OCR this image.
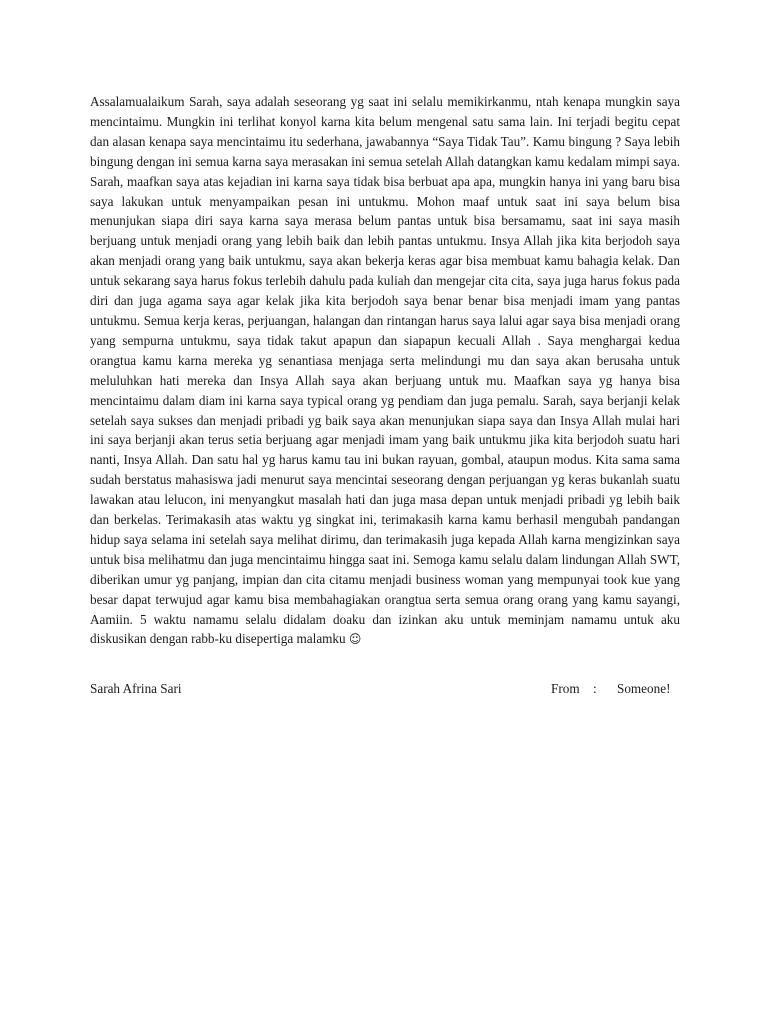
Assalamualaikum Sarah, saya adalah seseorang yg saat ini selalu memikirkanmu, ntah kenapa mungkin saya mencintaimu. Mungkin ini terlihat konyol karna kita belum mengenal satu sama lain. Ini terjadi begitu cepat dan alasan kenapa saya mencintaimu itu sederhana, jawabannya “Saya Tidak Tau”. Kamu bingung ? Saya lebih bingung dengan ini semua karna saya merasakan ini semua setelah Allah datangkan kamu kedalam mimpi saya. Sarah, maafkan saya atas kejadian ini karna saya tidak bisa berbuat apa apa, mungkin hanya ini yang baru bisa saya lakukan untuk menyampaikan pesan ini untukmu. Mohon maaf untuk saat ini saya belum bisa menunjukan siapa diri saya karna saya merasa belum pantas untuk bisa bersamamu, saat ini saya masih berjuang untuk menjadi orang yang lebih baik dan lebih pantas untukmu. Insya Allah jika kita berjodoh saya akan menjadi orang yang baik untukmu, saya akan bekerja keras agar bisa membuat kamu bahagia kelak. Dan untuk sekarang saya harus fokus terlebih dahulu pada kuliah dan mengejar cita cita, saya juga harus fokus pada diri dan juga agama saya agar kelak jika kita berjodoh saya benar benar bisa menjadi imam yang pantas untukmu. Semua kerja keras, perjuangan, halangan dan rintangan harus saya lalui agar saya bisa menjadi orang yang sempurna untukmu, saya tidak takut apapun dan siapapun kecuali Allah . Saya menghargai kedua orangtua kamu karna mereka yg senantiasa menjaga serta melindungi mu dan saya akan berusaha untuk meluluhkan hati mereka dan Insya Allah saya akan berjuang untuk mu. Maafkan saya yg hanya bisa mencintaimu dalam diam ini karna saya typical orang yg pendiam dan juga pemalu. Sarah, saya berjanji kelak setelah saya sukses dan menjadi pribadi yg baik saya akan menunjukan siapa saya dan Insya Allah mulai hari ini saya berjanji akan terus setia berjuang agar menjadi imam yang baik untukmu jika kita berjodoh suatu hari nanti, Insya Allah. Dan satu hal yg harus kamu tau ini bukan rayuan, gombal, ataupun modus. Kita sama sama sudah berstatus mahasiswa jadi menurut saya mencintai seseorang dengan perjuangan yg keras bukanlah suatu lawakan atau lelucon, ini menyangkut masalah hati dan juga masa depan untuk menjadi pribadi yg lebih baik dan berkelas. Terimakasih atas waktu yg singkat ini, terimakasih karna kamu berhasil mengubah pandangan hidup saya selama ini setelah saya melihat dirimu, dan terimakasih juga kepada Allah karna mengizinkan saya untuk bisa melihatmu dan juga mencintaimu hingga saat ini. Semoga kamu selalu dalam lindungan Allah SWT, diberikan umur yg panjang, impian dan cita citamu menjadi business woman yang mempunyai took kue yang besar dapat terwujud agar kamu bisa membahagiakan orangtua serta semua orang orang yang kamu sayangi, Aamiin. 5 waktu namamu selalu didalam doaku dan izinkan aku untuk meminjam namamu untuk aku diskusikan dengan rabb-ku disepertiga malamku ☺

Sarah Afrina Sari	From : Someone!
